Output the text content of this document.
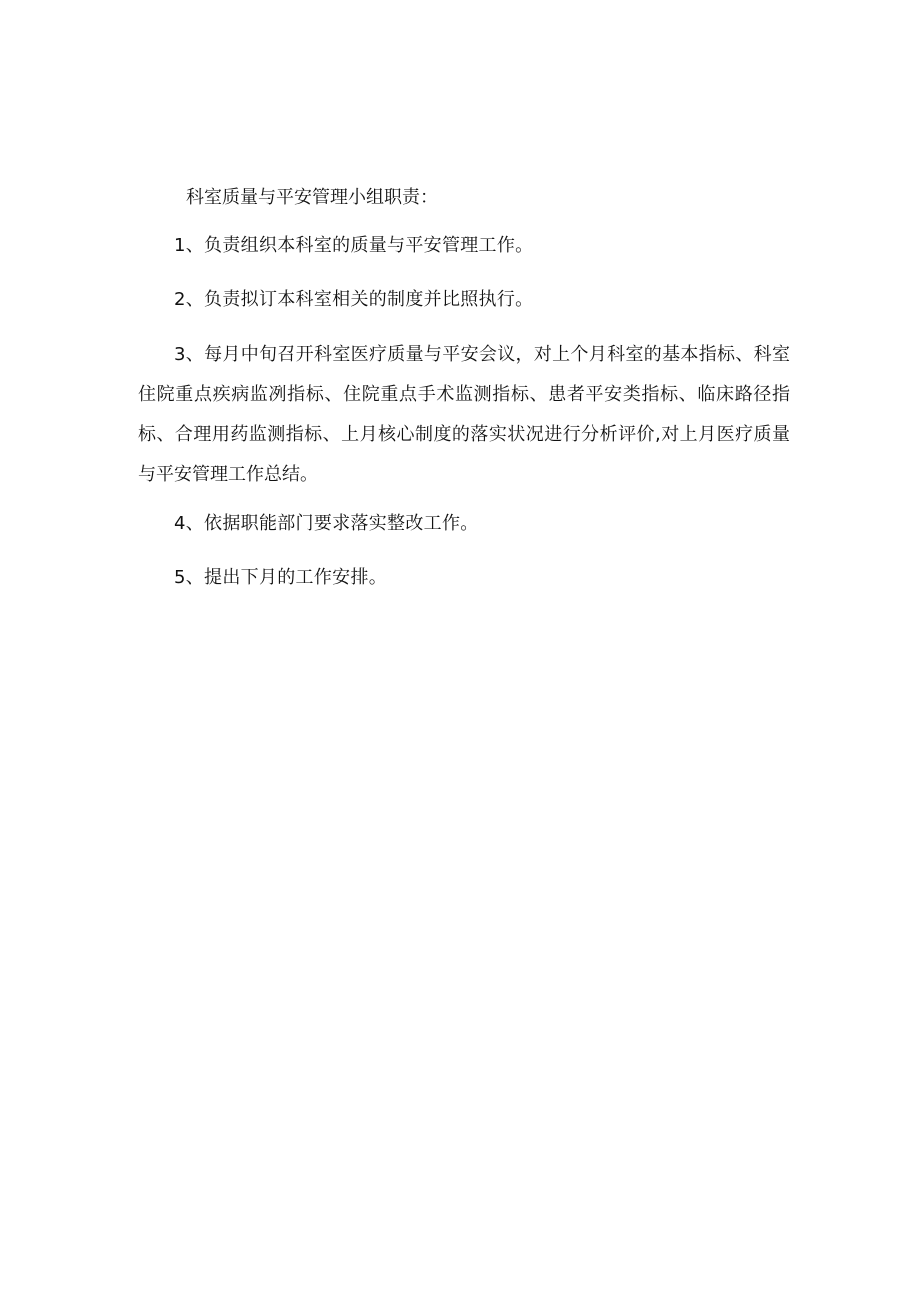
科室质量与平安管理小组职责：

1、负责组织本科室的质量与平安管理工作。

2、负责拟订本科室相关的制度并比照执行。

3、每月中旬召开科室医疗质量与平安会议，对上个月科室的基本指标、科室住院重点疾病监冽指标、住院重点手术监测指标、患者平安类指标、临床路径指标、合理用药监测指标、上月核心制度的落实状况进行分析评价,对上月医疗质量与平安管理工作总结。

4、依据职能部门要求落实整改工作。

5、提出下月的工作安排。
